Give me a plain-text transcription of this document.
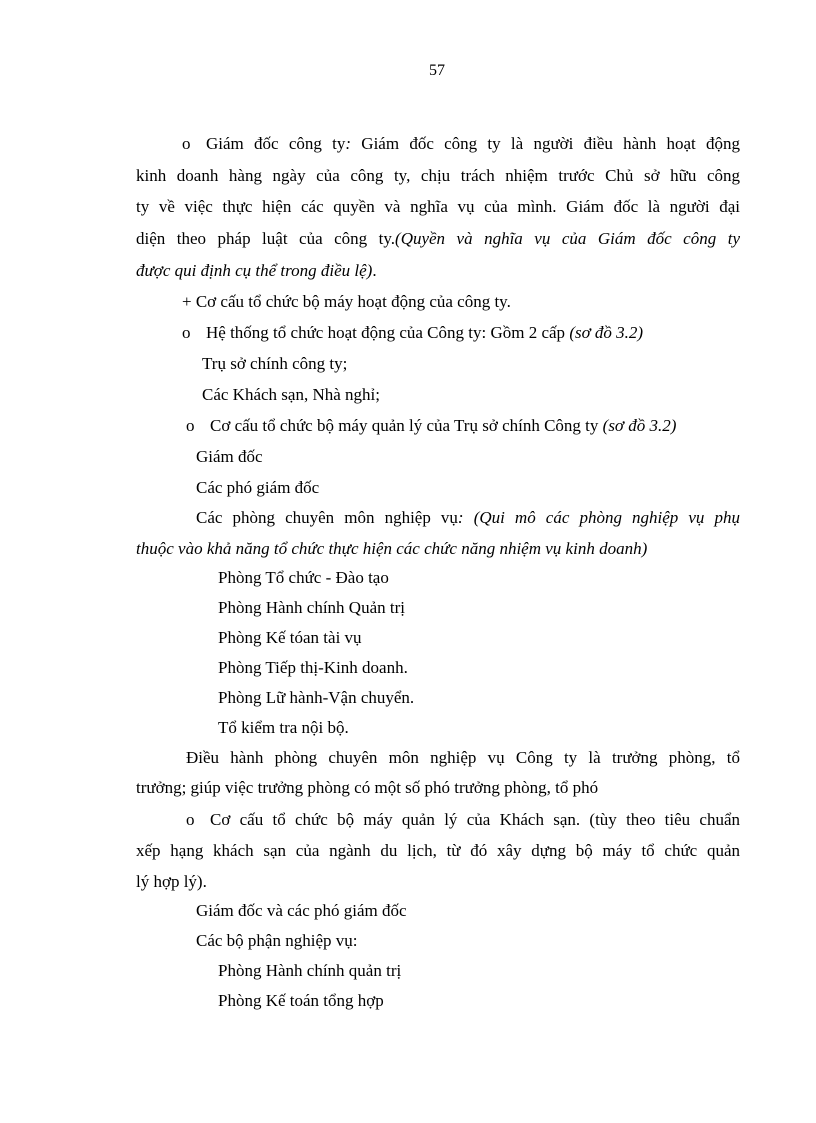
57
o Giám đốc công ty: Giám đốc công ty là người điều hành hoạt động
kinh doanh hàng ngày của công ty, chịu trách nhiệm trước Chủ sở hữu công
ty về việc thực hiện các quyền và nghĩa vụ của mình. Giám đốc là người đại
diện theo pháp luật của công ty.(Quyền và nghĩa vụ của Giám đốc công ty
được qui định cụ thể trong điều lệ).
+ Cơ cấu tổ chức bộ máy hoạt động của công ty.
o Hệ thống tổ chức hoạt động của Công ty: Gồm 2 cấp (sơ đồ 3.2)
Trụ sở chính công ty;
Các Khách sạn, Nhà nghỉ;
o Cơ cấu tổ chức bộ máy quản lý của Trụ sở chính Công ty (sơ đồ 3.2)
Giám đốc
Các phó giám đốc
Các phòng chuyên môn nghiệp vụ: (Qui mô các phòng nghiệp vụ phụ
thuộc vào khả năng tổ chức thực hiện các chức năng nhiệm vụ kinh doanh)
Phòng Tổ chức - Đào tạo
Phòng Hành chính Quản trị
Phòng Kế tóan tài vụ
Phòng Tiếp thị-Kinh doanh.
Phòng Lữ hành-Vận chuyển.
Tổ kiểm tra nội bộ.
Điều hành phòng chuyên môn nghiệp vụ Công ty là trưởng phòng, tổ
trưởng; giúp việc trưởng phòng có một số phó trưởng phòng, tổ phó
o Cơ cấu tổ chức bộ máy quản lý của Khách sạn. (tùy theo tiêu chuẩn
xếp hạng khách sạn của ngành du lịch, từ đó xây dựng bộ máy tổ chức quản
lý hợp lý).
Giám đốc và các phó giám đốc
Các bộ phận nghiệp vụ:
Phòng Hành chính quản trị
Phòng Kế toán tổng hợp
